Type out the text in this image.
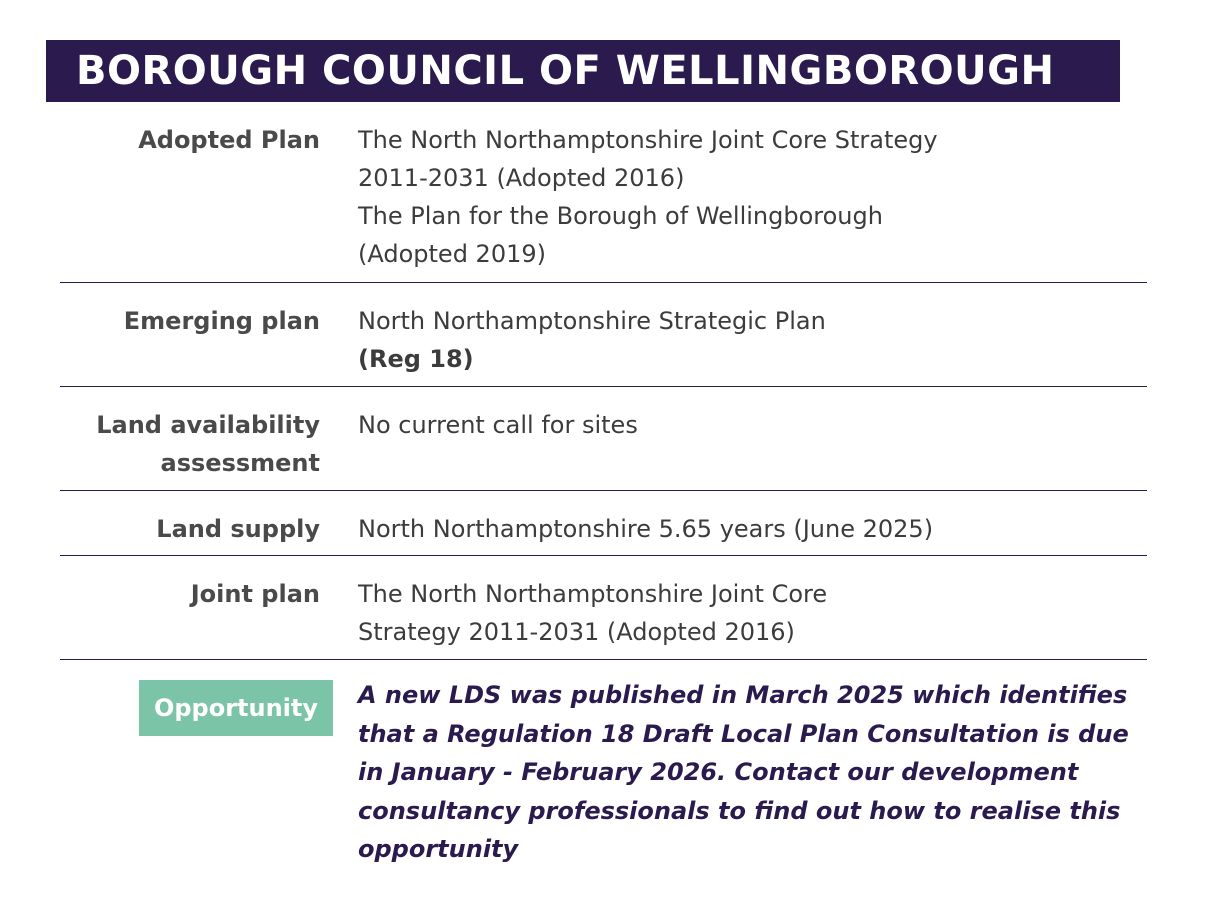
BOROUGH COUNCIL OF WELLINGBOROUGH
Adopted Plan The North Northamptonshire Joint Core Strategy
2011-2031 (Adopted 2016)
The Plan for the Borough of Wellingborough
(Adopted 2019)
Emerging plan North Northamptonshire Strategic Plan
(Reg 18)
Land availability
assessment
No current call for sites
Land supply North Northamptonshire 5.65 years (June 2025)
Joint plan The North Northamptonshire Joint Core
Strategy 2011-2031 (Adopted 2016)
Opportunity	A new LDS was published in March 2025 which identifies
that a Regulation 18 Draft Local Plan Consultation is due
in January - February 2026. Contact our development
consultancy professionals to find out how to realise this
opportunity
